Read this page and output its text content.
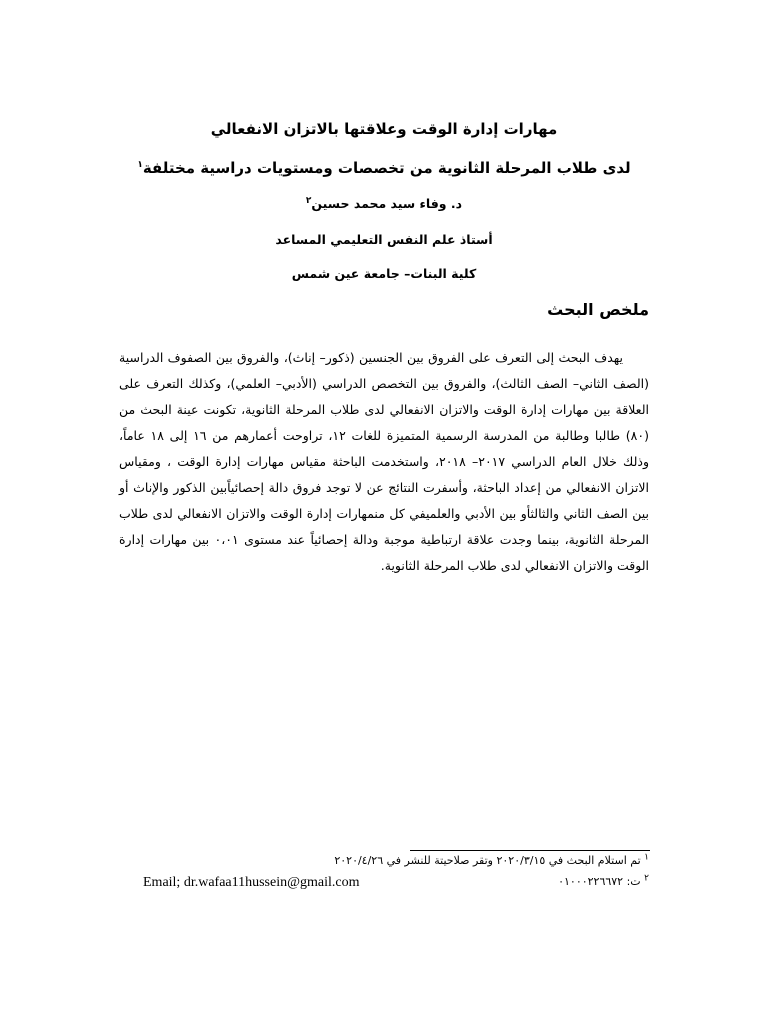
مهارات إدارة الوقت وعلاقتها بالاتزان الانفعالي
لدى طلاب المرحلة الثانوية من تخصصات ومستويات دراسية مختلفة$^١$
د. وفاء سيد محمد حسين$^٢$
أستاذ علم النفس التعليمي المساعد
كلية البنات– جامعة عين شمس
ملخص البحث

يهدف البحث إلى التعرف على الفروق بين الجنسين (ذكور– إناث)، والفروق بين الصفوف الدراسية (الصف الثاني– الصف الثالث)، والفروق بين التخصص الدراسي (الأدبي– العلمي)، وكذلك التعرف على العلاقة بين مهارات إدارة الوقت والاتزان الانفعالي لدى طلاب المرحلة الثانوية، تكونت عينة البحث من (٨٠) طالبا وطالبة من المدرسة الرسمية المتميزة للغات ١٢، تراوحت أعمارهم من ١٦ إلى ١٨ عاماً، وذلك خلال العام الدراسي ٢٠١٧– ٢٠١٨، واستخدمت الباحثة مقياس مهارات إدارة الوقت ، ومقياس الاتزان الانفعالي من إعداد الباحثة، وأسفرت النتائج عن لا توجد فروق دالة إحصائياًبين الذكور والإناث أو بين الصف الثاني والثالثأو بين الأدبي والعلميفي كل منمهارات إدارة الوقت والاتزان الانفعالي لدى طلاب المرحلة الثانوية، بينما وجدت علاقة ارتباطية موجبة ودالة إحصائياً عند مستوى ٠،٠١ بين مهارات إدارة الوقت والاتزان الانفعالي لدى طلاب المرحلة الثانوية.

$^١$ تم استلام البحث في ٢٠٢٠/٣/١٥ وتقر صلاحيتة للنشر في ٢٠٢٠/٤/٢٦
$^٢$ ت: ٠١٠٠٠٢٢٦٦٧٢
Email; dr.wafaa11hussein@gmail.com
